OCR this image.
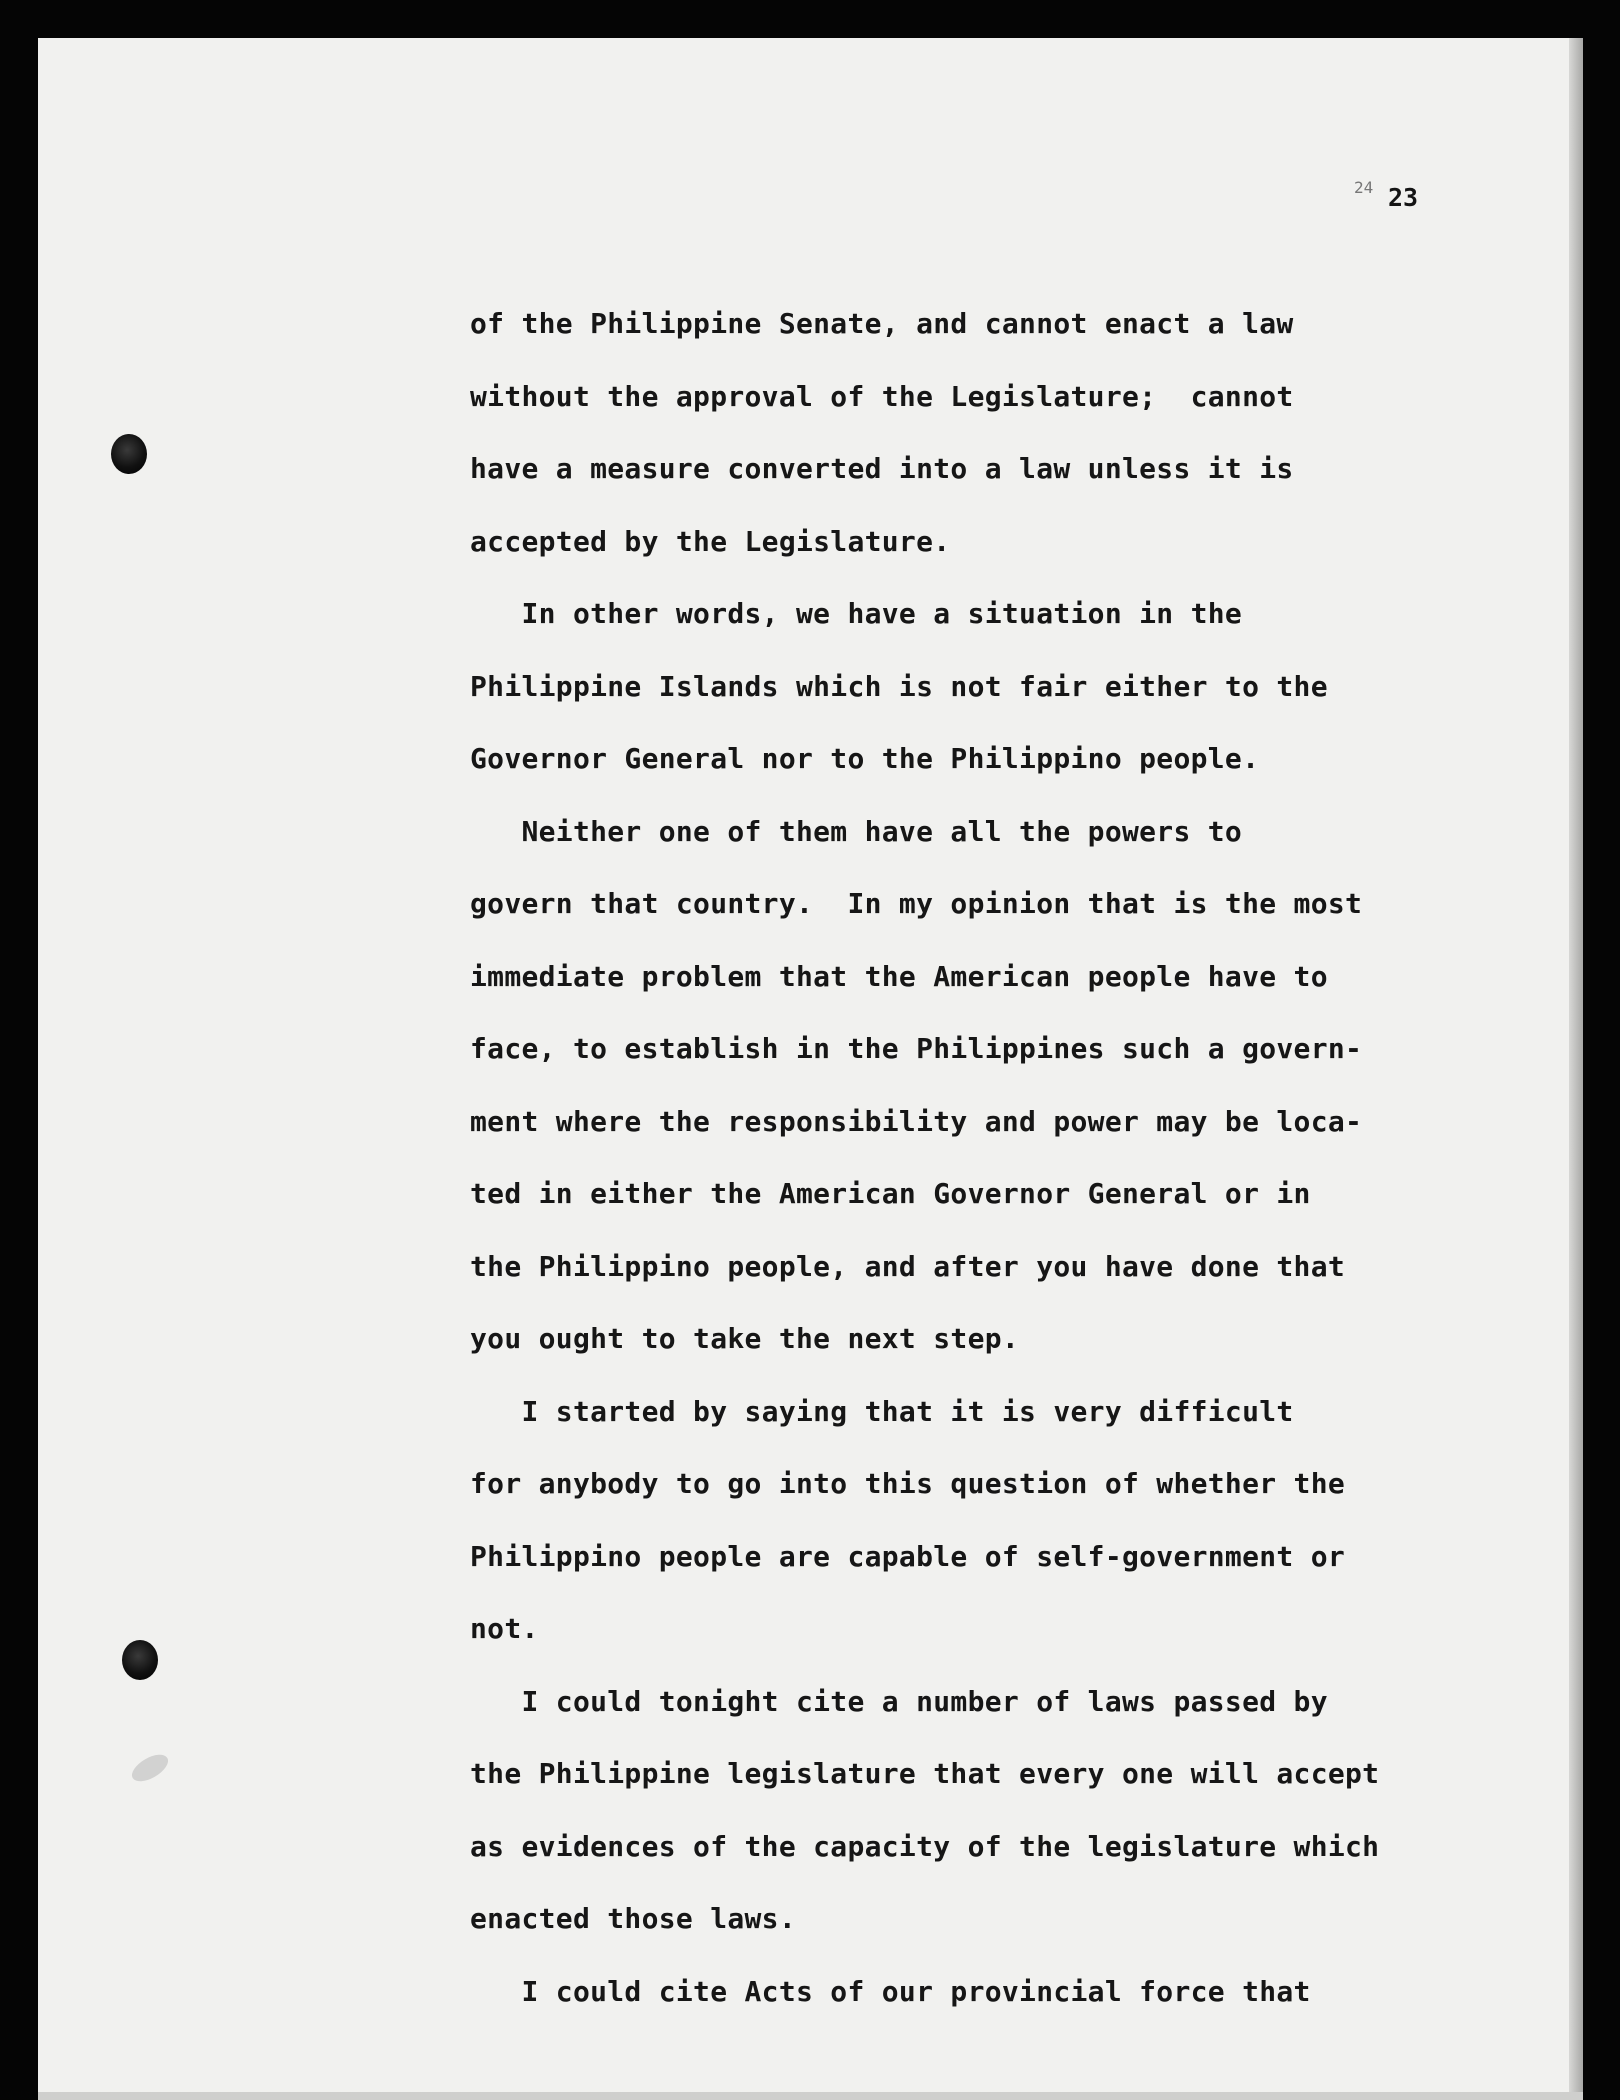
24 23

of the Philippine Senate, and cannot enact a law

without the approval of the Legislature;  cannot

have a measure converted into a law unless it is

accepted by the Legislature.

In other words, we have a situation in the

Philippine Islands which is not fair either to the

Governor General nor to the Philippino people.

Neither one of them have all the powers to

govern that country.  In my opinion that is the most

immediate problem that the American people have to

face, to establish in the Philippines such a govern-

ment where the responsibility and power may be loca-

ted in either the American Governor General or in

the Philippino people, and after you have done that

you ought to take the next step.

I started by saying that it is very difficult

for anybody to go into this question of whether the

Philippino people are capable of self-government or

not.

I could tonight cite a number of laws passed by

the Philippine legislature that every one will accept

as evidences of the capacity of the legislature which

enacted those laws.

I could cite Acts of our provincial force that
